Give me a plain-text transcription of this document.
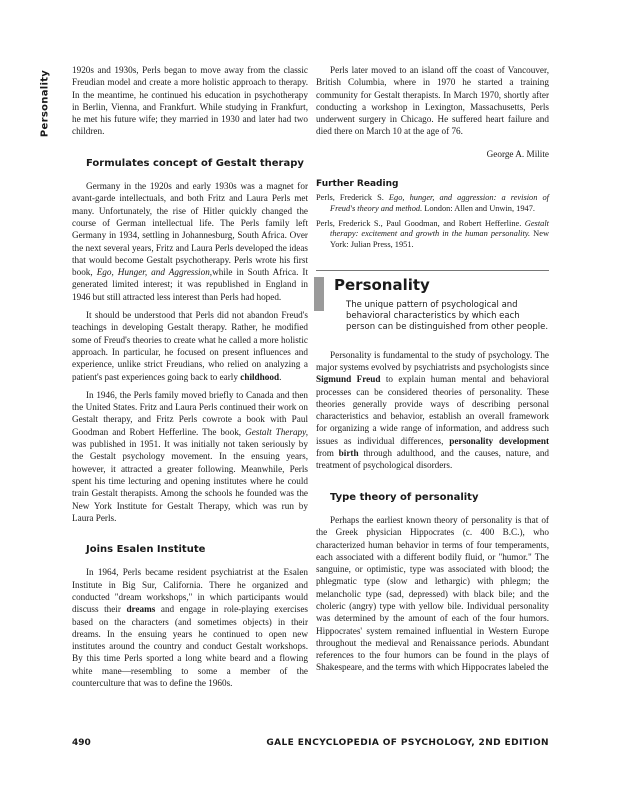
Personality 1920s and 1930s, Perls began to move away from the classic Freudian model and create a more holistic approach to therapy. In the meantime, he continued his education in psychotherapy in Berlin, Vienna, and Frankfurt. While studying in Frankfurt, he met his future wife; they married in 1930 and later had two children.

Formulates concept of Gestalt therapy

Germany in the 1920s and early 1930s was a magnet for avant-garde intellectuals, and both Fritz and Laura Perls met many. Unfortunately, the rise of Hitler quickly changed the course of German intellectual life. The Perls family left Germany in 1934, settling in Johannesburg, South Africa. Over the next several years, Fritz and Laura Perls developed the ideas that would become Gestalt psychotherapy. Perls wrote his first book, Ego, Hunger, and Aggression,while in South Africa. It generated limited interest; it was republished in England in 1946 but still attracted less interest than Perls had hoped.

It should be understood that Perls did not abandon Freud's teachings in developing Gestalt therapy. Rather, he modified some of Freud's theories to create what he called a more holistic approach. In particular, he focused on present influences and experience, unlike strict Freudians, who relied on analyzing a patient's past experiences going back to early childhood.

In 1946, the Perls family moved briefly to Canada and then the United States. Fritz and Laura Perls continued their work on Gestalt therapy, and Fritz Perls cowrote a book with Paul Goodman and Robert Hefferline. The book, Gestalt Therapy, was published in 1951. It was initially not taken seriously by the Gestalt psychology movement. In the ensuing years, however, it attracted a greater following. Meanwhile, Perls spent his time lecturing and opening institutes where he could train Gestalt therapists. Among the schools he founded was the New York Institute for Gestalt Therapy, which was run by Laura Perls.

Joins Esalen Institute

In 1964, Perls became resident psychiatrist at the Esalen Institute in Big Sur, California. There he organized and conducted "dream workshops," in which participants would discuss their dreams and engage in role-playing exercises based on the characters (and sometimes objects) in their dreams. In the ensuing years he continued to open new institutes around the country and conduct Gestalt workshops. By this time Perls sported a long white beard and a flowing white mane—resembling to some a member of the counterculture that was to define the 1960s.

Perls later moved to an island off the coast of Vancouver, British Columbia, where in 1970 he started a training community for Gestalt therapists. In March 1970, shortly after conducting a workshop in Lexington, Massachusetts, Perls underwent surgery in Chicago. He suffered heart failure and died there on March 10 at the age of 76.

George A. Milite
Further Reading
Perls, Frederick S. Ego, hunger, and aggression: a revision of Freud's theory and method. London: Allen and Unwin, 1947.
Perls, Frederick S., Paul Goodman, and Robert Hefferline. Gestalt therapy: excitement and growth in the human personality. New York: Julian Press, 1951.
Personality
The unique pattern of psychological and behavioral characteristics by which each person can be distinguished from other people.

Personality is fundamental to the study of psychology. The major systems evolved by psychiatrists and psychologists since Sigmund Freud to explain human mental and behavioral processes can be considered theories of personality. These theories generally provide ways of describing personal characteristics and behavior, establish an overall framework for organizing a wide range of information, and address such issues as individual differences, personality development from birth through adulthood, and the causes, nature, and treatment of psychological disorders.

Type theory of personality

Perhaps the earliest known theory of personality is that of the Greek physician Hippocrates (c. 400 B.C.), who characterized human behavior in terms of four temperaments, each associated with a different bodily fluid, or "humor." The sanguine, or optimistic, type was associated with blood; the phlegmatic type (slow and lethargic) with phlegm; the melancholic type (sad, depressed) with black bile; and the choleric (angry) type with yellow bile. Individual personality was determined by the amount of each of the four humors. Hippocrates' system remained influential in Western Europe throughout the medieval and Renaissance periods. Abundant references to the four humors can be found in the plays of Shakespeare, and the terms with which Hippocrates labeled the

490	GALE ENCYCLOPEDIA OF PSYCHOLOGY, 2ND EDITION
